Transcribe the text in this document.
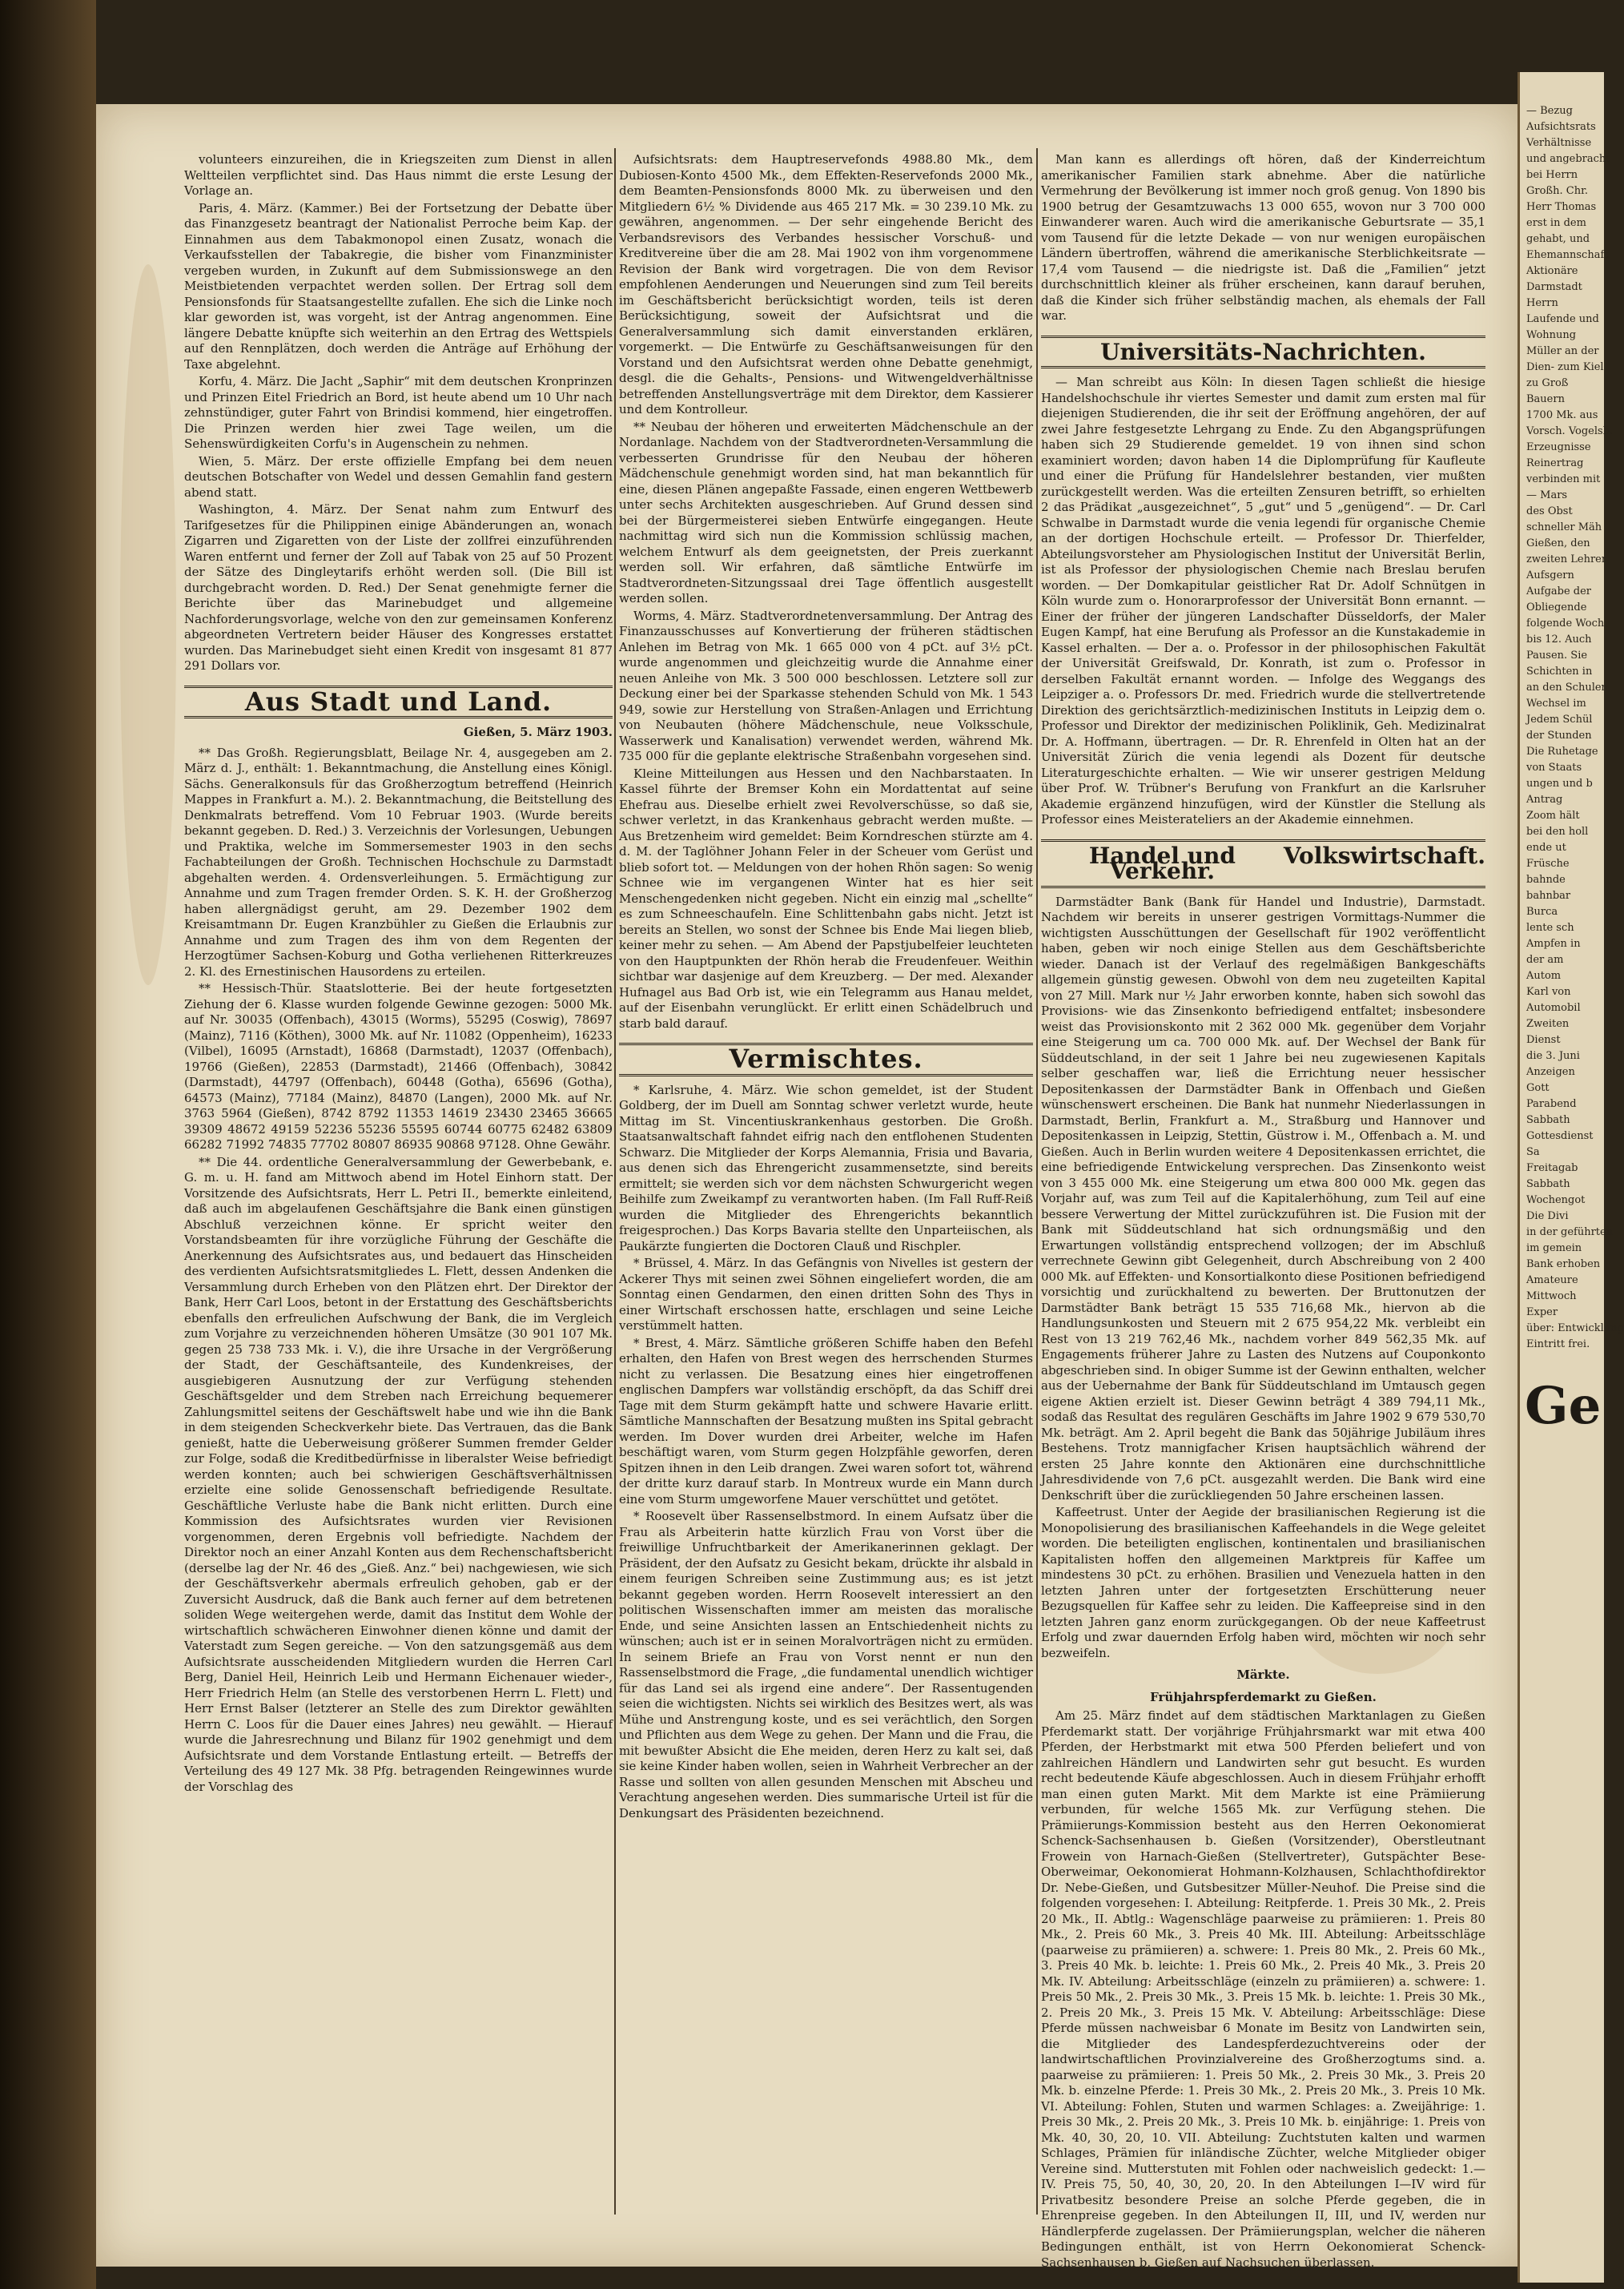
volunteers einzureihen, die in Kriegszeiten zum Dienst in allen Weltteilen verpflichtet sind. Das Haus nimmt die erste Lesung der Vorlage an.

Paris, 4. März. (Kammer.) Bei der Fortsetzung der Debatte über das Finanzgesetz beantragt der Nationalist Perroche beim Kap. der Einnahmen aus dem Tabakmonopol einen Zusatz, wonach die Verkaufsstellen der Tabakregie, die bisher vom Finanzminister vergeben wurden, in Zukunft auf dem Submissionswege an den Meistbietenden verpachtet werden sollen. Der Ertrag soll dem Pensionsfonds für Staatsangestellte zufallen. Ehe sich die Linke noch klar geworden ist, was vorgeht, ist der Antrag angenommen. Eine längere Debatte knüpfte sich weiterhin an den Ertrag des Wettspiels auf den Rennplätzen, doch werden die Anträge auf Erhöhung der Taxe abgelehnt.

Korfu, 4. März. Die Jacht „Saphir“ mit dem deutschen Kronprinzen und Prinzen Eitel Friedrich an Bord, ist heute abend um 10 Uhr nach zehnstündiger, guter Fahrt von Brindisi kommend, hier eingetroffen. Die Prinzen werden hier zwei Tage weilen, um die Sehenswürdigkeiten Corfu's in Augenschein zu nehmen.

Wien, 5. März. Der erste offizielle Empfang bei dem neuen deutschen Botschafter von Wedel und dessen Gemahlin fand gestern abend statt.

Washington, 4. März. Der Senat nahm zum Entwurf des Tarifgesetzes für die Philippinen einige Abänderungen an, wonach Zigarren und Zigaretten von der Liste der zollfrei einzuführenden Waren entfernt und ferner der Zoll auf Tabak von 25 auf 50 Prozent der Sätze des Dingleytarifs erhöht werden soll. (Die Bill ist durchgebracht worden. D. Red.) Der Senat genehmigte ferner die Berichte über das Marinebudget und allgemeine Nachforderungsvorlage, welche von den zur gemeinsamen Konferenz abgeordneten Vertretern beider Häuser des Kongresses erstattet wurden. Das Marinebudget sieht einen Kredit von insgesamt 81 877 291 Dollars vor.

Aus Stadt und Land.
Gießen, 5. März 1903.

** Das Großh. Regierungsblatt, Beilage Nr. 4, ausgegeben am 2. März d. J., enthält: 1. Bekanntmachung, die Anstellung eines Königl. Sächs. Generalkonsuls für das Großherzogtum betreffend (Heinrich Mappes in Frankfurt a. M.). 2. Bekanntmachung, die Beitstellung des Denkmalrats betreffend. Vom 10 Februar 1903. (Wurde bereits bekannt gegeben. D. Red.) 3. Verzeichnis der Vorlesungen, Uebungen und Praktika, welche im Sommersemester 1903 in den sechs Fachabteilungen der Großh. Technischen Hochschule zu Darmstadt abgehalten werden. 4. Ordensverleihungen. 5. Ermächtigung zur Annahme und zum Tragen fremder Orden. S. K. H. der Großherzog haben allergnädigst geruht, am 29. Dezember 1902 dem Kreisamtmann Dr. Eugen Kranzbühler zu Gießen die Erlaubnis zur Annahme und zum Tragen des ihm von dem Regenten der Herzogtümer Sachsen-Koburg und Gotha verliehenen Ritterkreuzes 2. Kl. des Ernestinischen Hausordens zu erteilen.

** Hessisch-Thür. Staatslotterie. Bei der heute fortgesetzten Ziehung der 6. Klasse wurden folgende Gewinne gezogen: 5000 Mk. auf Nr. 30035 (Offenbach), 43015 (Worms), 55295 (Coswig), 78697 (Mainz), 7116 (Köthen), 3000 Mk. auf Nr. 11082 (Oppenheim), 16233 (Vilbel), 16095 (Arnstadt), 16868 (Darmstadt), 12037 (Offenbach), 19766 (Gießen), 22853 (Darmstadt), 21466 (Offenbach), 30842 (Darmstadt), 44797 (Offenbach), 60448 (Gotha), 65696 (Gotha), 64573 (Mainz), 77184 (Mainz), 84870 (Langen), 2000 Mk. auf Nr. 3763 5964 (Gießen), 8742 8792 11353 14619 23430 23465 36665 39309 48672 49159 52236 55236 55595 60744 60775 62482 63809 66282 71992 74835 77702 80807 86935 90868 97128. Ohne Gewähr.

** Die 44. ordentliche Generalversammlung der Gewerbebank, e. G. m. u. H. fand am Mittwoch abend im Hotel Einhorn statt. Der Vorsitzende des Aufsichtsrats, Herr L. Petri II., bemerkte einleitend, daß auch im abgelaufenen Geschäftsjahre die Bank einen günstigen Abschluß verzeichnen könne. Er spricht weiter den Vorstandsbeamten für ihre vorzügliche Führung der Geschäfte die Anerkennung des Aufsichtsrates aus, und bedauert das Hinscheiden des verdienten Aufsichtsratsmitgliedes L. Flett, dessen Andenken die Versammlung durch Erheben von den Plätzen ehrt. Der Direktor der Bank, Herr Carl Loos, betont in der Erstattung des Geschäftsberichts ebenfalls den erfreulichen Aufschwung der Bank, die im Vergleich zum Vorjahre zu verzeichnenden höheren Umsätze (30 901 107 Mk. gegen 25 738 733 Mk. i. V.), die ihre Ursache in der Vergrößerung der Stadt, der Geschäftsanteile, des Kundenkreises, der ausgiebigeren Ausnutzung der zur Verfügung stehenden Geschäftsgelder und dem Streben nach Erreichung bequemerer Zahlungsmittel seitens der Geschäftswelt habe und wie ihn die Bank in dem steigenden Scheckverkehr biete. Das Vertrauen, das die Bank genießt, hatte die Ueberweisung größerer Summen fremder Gelder zur Folge, sodaß die Kreditbedürfnisse in liberalster Weise befriedigt werden konnten; auch bei schwierigen Geschäftsverhältnissen erzielte eine solide Genossenschaft befriedigende Resultate. Geschäftliche Verluste habe die Bank nicht erlitten. Durch eine Kommission des Aufsichtsrates wurden vier Revisionen vorgenommen, deren Ergebnis voll befriedigte. Nachdem der Direktor noch an einer Anzahl Konten aus dem Rechenschaftsbericht (derselbe lag der Nr. 46 des „Gieß. Anz.“ bei) nachgewiesen, wie sich der Geschäftsverkehr abermals erfreulich gehoben, gab er der Zuversicht Ausdruck, daß die Bank auch ferner auf dem betretenen soliden Wege weitergehen werde, damit das Institut dem Wohle der wirtschaftlich schwächeren Einwohner dienen könne und damit der Vaterstadt zum Segen gereiche. — Von den satzungsgemäß aus dem Aufsichtsrate ausscheidenden Mitgliedern wurden die Herren Carl Berg, Daniel Heil, Heinrich Leib und Hermann Eichenauer wieder-, Herr Friedrich Helm (an Stelle des verstorbenen Herrn L. Flett) und Herr Ernst Balser (letzterer an Stelle des zum Direktor gewählten Herrn C. Loos für die Dauer eines Jahres) neu gewählt. — Hierauf wurde die Jahresrechnung und Bilanz für 1902 genehmigt und dem Aufsichtsrate und dem Vorstande Entlastung erteilt. — Betreffs der Verteilung des 49 127 Mk. 38 Pfg. betragenden Reingewinnes wurde der Vorschlag des

Aufsichtsrats: dem Hauptreservefonds 4988.80 Mk., dem Dubiosen-Konto 4500 Mk., dem Effekten-Reservefonds 2000 Mk., dem Beamten-Pensionsfonds 8000 Mk. zu überweisen und den Mitgliedern 6½ % Dividende aus 465 217 Mk. = 30 239.10 Mk. zu gewähren, angenommen. — Der sehr eingehende Bericht des Verbandsrevisors des Verbandes hessischer Vorschuß- und Kreditvereine über die am 28. Mai 1902 von ihm vorgenommene Revision der Bank wird vorgetragen. Die von dem Revisor empfohlenen Aenderungen und Neuerungen sind zum Teil bereits im Geschäftsbericht berücksichtigt worden, teils ist deren Berücksichtigung, soweit der Aufsichtsrat und die Generalversammlung sich damit einverstanden erklären, vorgemerkt. — Die Entwürfe zu Geschäftsanweisungen für den Vorstand und den Aufsichtsrat werden ohne Debatte genehmigt, desgl. die die Gehalts-, Pensions- und Witwengeldverhältnisse betreffenden Anstellungsverträge mit dem Direktor, dem Kassierer und dem Kontrolleur.

** Neubau der höheren und erweiterten Mädchenschule an der Nordanlage. Nachdem von der Stadtverordneten-Versammlung die verbesserten Grundrisse für den Neubau der höheren Mädchenschule genehmigt worden sind, hat man bekanntlich für eine, diesen Plänen angepaßte Fassade, einen engeren Wettbewerb unter sechs Architekten ausgeschrieben. Auf Grund dessen sind bei der Bürgermeisterei sieben Entwürfe eingegangen. Heute nachmittag wird sich nun die Kommission schlüssig machen, welchem Entwurf als dem geeignetsten, der Preis zuerkannt werden soll. Wir erfahren, daß sämtliche Entwürfe im Stadtverordneten-Sitzungssaal drei Tage öffentlich ausgestellt werden sollen.

Worms, 4. März. Stadtverordnetenversammlung. Der Antrag des Finanzausschusses auf Konvertierung der früheren städtischen Anlehen im Betrag von Mk. 1 665 000 von 4 pCt. auf 3½ pCt. wurde angenommen und gleichzeitig wurde die Annahme einer neuen Anleihe von Mk. 3 500 000 beschlossen. Letztere soll zur Deckung einer bei der Sparkasse stehenden Schuld von Mk. 1 543 949, sowie zur Herstellung von Straßen-Anlagen und Errichtung von Neubauten (höhere Mädchenschule, neue Volksschule, Wasserwerk und Kanalisation) verwendet werden, während Mk. 735 000 für die geplante elektrische Straßenbahn vorgesehen sind.

Kleine Mitteilungen aus Hessen und den Nachbarstaaten. In Kassel führte der Bremser Kohn ein Mordattentat auf seine Ehefrau aus. Dieselbe erhielt zwei Revolverschüsse, so daß sie, schwer verletzt, in das Krankenhaus gebracht werden mußte. — Aus Bretzenheim wird gemeldet: Beim Korndreschen stürzte am 4. d. M. der Taglöhner Johann Feler in der Scheuer vom Gerüst und blieb sofort tot. — Meldungen von der hohen Rhön sagen: So wenig Schnee wie im vergangenen Winter hat es hier seit Menschengedenken nicht gegeben. Nicht ein einzig mal „schellte“ es zum Schneeschaufeln. Eine Schlittenbahn gabs nicht. Jetzt ist bereits an Stellen, wo sonst der Schnee bis Ende Mai liegen blieb, keiner mehr zu sehen. — Am Abend der Papstjubelfeier leuchteten von den Hauptpunkten der Rhön herab die Freudenfeuer. Weithin sichtbar war dasjenige auf dem Kreuzberg. — Der med. Alexander Hufnagel aus Bad Orb ist, wie ein Telegramm aus Hanau meldet, auf der Eisenbahn verunglückt. Er erlitt einen Schädelbruch und starb bald darauf.

Vermischtes.

* Karlsruhe, 4. März. Wie schon gemeldet, ist der Student Goldberg, der im Duell am Sonntag schwer verletzt wurde, heute Mittag im St. Vincentiuskrankenhaus gestorben. Die Großh. Staatsanwaltschaft fahndet eifrig nach den entflohenen Studenten Schwarz. Die Mitglieder der Korps Alemannia, Frisia und Bavaria, aus denen sich das Ehrengericht zusammensetzte, sind bereits ermittelt; sie werden sich vor dem nächsten Schwurgericht wegen Beihilfe zum Zweikampf zu verantworten haben. (Im Fall Ruff-Reiß wurden die Mitglieder des Ehrengerichts bekanntlich freigesprochen.) Das Korps Bavaria stellte den Unparteiischen, als Paukärzte fungierten die Doctoren Clauß und Rischpler.

* Brüssel, 4. März. In das Gefängnis von Nivelles ist gestern der Ackerer Thys mit seinen zwei Söhnen eingeliefert worden, die am Sonntag einen Gendarmen, den einen dritten Sohn des Thys in einer Wirtschaft erschossen hatte, erschlagen und seine Leiche verstümmelt hatten.

* Brest, 4. März. Sämtliche größeren Schiffe haben den Befehl erhalten, den Hafen von Brest wegen des herrschenden Sturmes nicht zu verlassen. Die Besatzung eines hier eingetroffenen englischen Dampfers war vollständig erschöpft, da das Schiff drei Tage mit dem Sturm gekämpft hatte und schwere Havarie erlitt. Sämtliche Mannschaften der Besatzung mußten ins Spital gebracht werden. Im Dover wurden drei Arbeiter, welche im Hafen beschäftigt waren, vom Sturm gegen Holzpfähle geworfen, deren Spitzen ihnen in den Leib drangen. Zwei waren sofort tot, während der dritte kurz darauf starb. In Montreux wurde ein Mann durch eine vom Sturm umgeworfene Mauer verschüttet und getötet.

* Roosevelt über Rassenselbstmord. In einem Aufsatz über die Frau als Arbeiterin hatte kürzlich Frau von Vorst über die freiwillige Unfruchtbarkeit der Amerikanerinnen geklagt. Der Präsident, der den Aufsatz zu Gesicht bekam, drückte ihr alsbald in einem feurigen Schreiben seine Zustimmung aus; es ist jetzt bekannt gegeben worden. Herrn Roosevelt interessiert an den politischen Wissenschaften immer am meisten das moralische Ende, und seine Ansichten lassen an Entschiedenheit nichts zu wünschen; auch ist er in seinen Moralvorträgen nicht zu ermüden. In seinem Briefe an Frau von Vorst nennt er nun den Rassenselbstmord die Frage, „die fundamental unendlich wichtiger für das Land sei als irgend eine andere“. Der Rassentugenden seien die wichtigsten. Nichts sei wirklich des Besitzes wert, als was Mühe und Anstrengung koste, und es sei verächtlich, den Sorgen und Pflichten aus dem Wege zu gehen. Der Mann und die Frau, die mit bewußter Absicht die Ehe meiden, deren Herz zu kalt sei, daß sie keine Kinder haben wollen, seien in Wahrheit Verbrecher an der Rasse und sollten von allen gesunden Menschen mit Abscheu und Verachtung angesehen werden. Dies summarische Urteil ist für die Denkungsart des Präsidenten bezeichnend.

Man kann es allerdings oft hören, daß der Kinderreichtum amerikanischer Familien stark abnehme. Aber die natürliche Vermehrung der Bevölkerung ist immer noch groß genug. Von 1890 bis 1900 betrug der Gesamtzuwachs 13 000 655, wovon nur 3 700 000 Einwanderer waren. Auch wird die amerikanische Geburtsrate — 35,1 vom Tausend für die letzte Dekade — von nur wenigen europäischen Ländern übertroffen, während die amerikanische Sterblichkeitsrate — 17,4 vom Tausend — die niedrigste ist. Daß die „Familien“ jetzt durchschnittlich kleiner als früher erscheinen, kann darauf beruhen, daß die Kinder sich früher selbständig machen, als ehemals der Fall war.

Universitäts-Nachrichten.

— Man schreibt aus Köln: In diesen Tagen schließt die hiesige Handelshochschule ihr viertes Semester und damit zum ersten mal für diejenigen Studierenden, die ihr seit der Eröffnung angehören, der auf zwei Jahre festgesetzte Lehrgang zu Ende. Zu den Abgangsprüfungen haben sich 29 Studierende gemeldet. 19 von ihnen sind schon examiniert worden; davon haben 14 die Diplomprüfung für Kaufleute und einer die Prüfung für Handelslehrer bestanden, vier mußten zurückgestellt werden. Was die erteilten Zensuren betrifft, so erhielten 2 das Prädikat „ausgezeichnet“, 5 „gut“ und 5 „genügend“. — Dr. Carl Schwalbe in Darmstadt wurde die venia legendi für organische Chemie an der dortigen Hochschule erteilt. — Professor Dr. Thierfelder, Abteilungsvorsteher am Physiologischen Institut der Universität Berlin, ist als Professor der physiologischen Chemie nach Breslau berufen worden. — Der Domkapitular geistlicher Rat Dr. Adolf Schnütgen in Köln wurde zum o. Honorarprofessor der Universität Bonn ernannt. — Einer der früher der jüngeren Landschafter Düsseldorfs, der Maler Eugen Kampf, hat eine Berufung als Professor an die Kunstakademie in Kassel erhalten. — Der a. o. Professor in der philosophischen Fakultät der Universität Greifswald, Dr. Konrath, ist zum o. Professor in derselben Fakultät ernannt worden. — Infolge des Weggangs des Leipziger a. o. Professors Dr. med. Friedrich wurde die stellvertretende Direktion des gerichtsärztlich-medizinischen Instituts in Leipzig dem o. Professor und Direktor der medizinischen Poliklinik, Geh. Medizinalrat Dr. A. Hoffmann, übertragen. — Dr. R. Ehrenfeld in Olten hat an der Universität Zürich die venia legendi als Dozent für deutsche Literaturgeschichte erhalten. — Wie wir unserer gestrigen Meldung über Prof. W. Trübner's Berufung von Frankfurt an die Karlsruher Akademie ergänzend hinzufügen, wird der Künstler die Stellung als Professor eines Meisterateliers an der Akademie einnehmen.

Handel und Verkehr.
Volkswirtschaft.

Darmstädter Bank (Bank für Handel und Industrie), Darmstadt. Nachdem wir bereits in unserer gestrigen Vormittags-Nummer die wichtigsten Ausschüttungen der Gesellschaft für 1902 veröffentlicht haben, geben wir noch einige Stellen aus dem Geschäftsberichte wieder. Danach ist der Verlauf des regelmäßigen Bankgeschäfts allgemein günstig gewesen. Obwohl von dem neu zugeteilten Kapital von 27 Mill. Mark nur ½ Jahr erworben konnte, haben sich sowohl das Provisions- wie das Zinsenkonto befriedigend entfaltet; insbesondere weist das Provisionskonto mit 2 362 000 Mk. gegenüber dem Vorjahr eine Steigerung um ca. 700 000 Mk. auf. Der Wechsel der Bank für Süddeutschland, in der seit 1 Jahre bei neu zugewiesenen Kapitals selber geschaffen war, ließ die Errichtung neuer hessischer Depositenkassen der Darmstädter Bank in Offenbach und Gießen wünschenswert erscheinen. Die Bank hat nunmehr Niederlassungen in Darmstadt, Berlin, Frankfurt a. M., Straßburg und Hannover und Depositenkassen in Leipzig, Stettin, Güstrow i. M., Offenbach a. M. und Gießen. Auch in Berlin wurden weitere 4 Depositenkassen errichtet, die eine befriedigende Entwickelung versprechen. Das Zinsenkonto weist von 3 455 000 Mk. eine Steigerung um etwa 800 000 Mk. gegen das Vorjahr auf, was zum Teil auf die Kapitalerhöhung, zum Teil auf eine bessere Verwertung der Mittel zurückzuführen ist. Die Fusion mit der Bank mit Süddeutschland hat sich ordnungsmäßig und den Erwartungen vollständig entsprechend vollzogen; der im Abschluß verrechnete Gewinn gibt Gelegenheit, durch Abschreibung von 2 400 000 Mk. auf Effekten- und Konsortialkonto diese Positionen befriedigend vorsichtig und zurückhaltend zu bewerten. Der Bruttonutzen der Darmstädter Bank beträgt 15 535 716,68 Mk., hiervon ab die Handlungsunkosten und Steuern mit 2 675 954,22 Mk. verbleibt ein Rest von 13 219 762,46 Mk., nachdem vorher 849 562,35 Mk. auf Engagements früherer Jahre zu Lasten des Nutzens auf Couponkonto abgeschrieben sind. In obiger Summe ist der Gewinn enthalten, welcher aus der Uebernahme der Bank für Süddeutschland im Umtausch gegen eigene Aktien erzielt ist. Dieser Gewinn beträgt 4 389 794,11 Mk., sodaß das Resultat des regulären Geschäfts im Jahre 1902 9 679 530,70 Mk. beträgt. Am 2. April begeht die Bank das 50jährige Jubiläum ihres Bestehens. Trotz mannigfacher Krisen hauptsächlich während der ersten 25 Jahre konnte den Aktionären eine durchschnittliche Jahresdividende von 7,6 pCt. ausgezahlt werden. Die Bank wird eine Denkschrift über die zurückliegenden 50 Jahre erscheinen lassen.

Kaffeetrust. Unter der Aegide der brasilianischen Regierung ist die Monopolisierung des brasilianischen Kaffeehandels in die Wege geleitet worden. Die beteiligten englischen, kontinentalen und brasilianischen Kapitalisten hoffen den allgemeinen Marktpreis für Kaffee um mindestens 30 pCt. zu erhöhen. Brasilien und Venezuela hatten in den letzten Jahren unter der fortgesetzten Erschütterung neuer Bezugsquellen für Kaffee sehr zu leiden. Die Kaffeepreise sind in den letzten Jahren ganz enorm zurückgegangen. Ob der neue Kaffeetrust Erfolg und zwar dauernden Erfolg haben wird, möchten wir noch sehr bezweifeln.

Märkte.
Frühjahrspferdemarkt zu Gießen.

Am 25. März findet auf dem städtischen Marktanlagen zu Gießen Pferdemarkt statt. Der vorjährige Frühjahrsmarkt war mit etwa 400 Pferden, der Herbstmarkt mit etwa 500 Pferden beliefert und von zahlreichen Händlern und Landwirten sehr gut besucht. Es wurden recht bedeutende Käufe abgeschlossen. Auch in diesem Frühjahr erhofft man einen guten Markt. Mit dem Markte ist eine Prämiierung verbunden, für welche 1565 Mk. zur Verfügung stehen. Die Prämiierungs-Kommission besteht aus den Herren Oekonomierat Schenck-Sachsenhausen b. Gießen (Vorsitzender), Oberstleutnant Frowein von Harnach-Gießen (Stellvertreter), Gutspächter Bese-Oberweimar, Oekonomierat Hohmann-Kolzhausen, Schlachthofdirektor Dr. Nebe-Gießen, und Gutsbesitzer Müller-Neuhof. Die Preise sind die folgenden vorgesehen: I. Abteilung: Reitpferde. 1. Preis 30 Mk., 2. Preis 20 Mk., II. Abtlg.: Wagenschläge paarweise zu prämiieren: 1. Preis 80 Mk., 2. Preis 60 Mk., 3. Preis 40 Mk. III. Abteilung: Arbeitsschläge (paarweise zu prämiieren) a. schwere: 1. Preis 80 Mk., 2. Preis 60 Mk., 3. Preis 40 Mk. b. leichte: 1. Preis 60 Mk., 2. Preis 40 Mk., 3. Preis 20 Mk. IV. Abteilung: Arbeitsschläge (einzeln zu prämiieren) a. schwere: 1. Preis 50 Mk., 2. Preis 30 Mk., 3. Preis 15 Mk. b. leichte: 1. Preis 30 Mk., 2. Preis 20 Mk., 3. Preis 15 Mk. V. Abteilung: Arbeitsschläge: Diese Pferde müssen nachweisbar 6 Monate im Besitz von Landwirten sein, die Mitglieder des Landespferdezuchtvereins oder der landwirtschaftlichen Provinzialvereine des Großherzogtums sind. a. paarweise zu prämiieren: 1. Preis 50 Mk., 2. Preis 30 Mk., 3. Preis 20 Mk. b. einzelne Pferde: 1. Preis 30 Mk., 2. Preis 20 Mk., 3. Preis 10 Mk. VI. Abteilung: Fohlen, Stuten und warmen Schlages: a. Zweijährige: 1. Preis 30 Mk., 2. Preis 20 Mk., 3. Preis 10 Mk. b. einjährige: 1. Preis von Mk. 40, 30, 20, 10. VII. Abteilung: Zuchtstuten kalten und warmen Schlages, Prämien für inländische Züchter, welche Mitglieder obiger Vereine sind. Mutterstuten mit Fohlen oder nachweislich gedeckt: 1.—IV. Preis 75, 50, 40, 30, 20, 20. In den Abteilungen I—IV wird für Privatbesitz besondere Preise an solche Pferde gegeben, die in Ehrenpreise gegeben. In den Abteilungen II, III, und IV, werden nur Händlerpferde zugelassen. Der Prämiierungsplan, welcher die näheren Bedingungen enthält, ist von Herrn Oekonomierat Schenck-Sachsenhausen b. Gießen auf Nachsuchen überlassen.

— Bezug
Aufsichtsrats
Verhältnisse
und angebracht
bei Herrn
Großh. Chr.
Herr Thomas
erst in dem
gehabt, und
Ehemannschaft
Aktionäre
Darmstadt
Herrn
Laufende und
Wohnung
Müller an der
Dien- zum Kiel
zu Groß
Bauern
1700 Mk. aus
Vorsch. Vogelsb.
Erzeugnisse
Reinertrag
verbinden mit
— Mars
des Obst
schneller Mäh
Gießen, den
zweiten Lehrer
Aufsgern
Aufgabe der
Obliegende
folgende Woch
bis 12. Auch
Pausen. Sie
Schichten in
an den Schulen
Wechsel im
Jedem Schül
der Stunden
Die Ruhetage
von Staats
ungen und b
Antrag
Zoom hält
bei den holl
ende ut
Früsche
bahnde
bahnbar
Burca
lente sch
Ampfen in
der am
Autom
Karl von
Automobil
Zweiten
Dienst
die 3. Juni
Anzeigen
Gott
Parabend
Sabbath
Gottesdienst
Sa
Freitagab
Sabbath
Wochengot
Die Divi
in der geführten
im gemein
Bank erhoben
Amateure
Mittwoch
Exper
über: Entwicklung
Eintritt frei.
Ge
